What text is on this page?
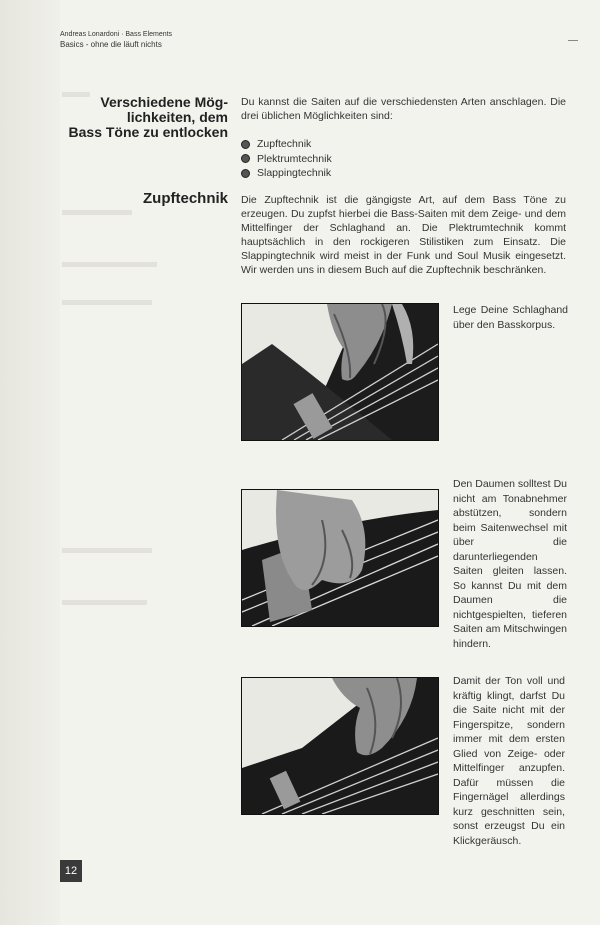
Andreas Lonardoni · Bass Elements
Basics - ohne die läuft nichts
Verschiedene Mög-
lichkeiten, dem
Bass Töne zu entlocken
Du kannst die Saiten auf die verschiedensten Arten anschlagen. Die drei üblichen Möglichkeiten sind:
Zupftechnik
Plektrumtechnik
Slappingtechnik
Zupftechnik Die Zupftechnik ist die gängigste Art, auf dem Bass Töne zu erzeugen. Du zupfst hierbei die Bass-Saiten mit dem Zeige- und dem Mittelfinger der Schlaghand an. Die Plektrumtechnik kommt hauptsächlich in den rockigeren Stilistiken zum Einsatz. Die Slappingtechnik wird meist in der Funk und Soul Musik eingesetzt. Wir werden uns in diesem Buch auf die Zupftechnik beschränken.
Lege Deine Schlaghand über den Basskorpus.
Den Daumen solltest Du nicht am Tonabnehmer abstützen, sondern beim Saitenwechsel mit über die darunterliegenden Saiten gleiten lassen. So kannst Du mit dem Daumen die nichtgespielten, tieferen Saiten am Mitschwingen hindern.
Damit der Ton voll und kräftig klingt, darfst Du die Saite nicht mit der Fingerspitze, sondern immer mit dem ersten Glied von Zeige- oder Mittelfinger anzupfen. Dafür müssen die Fingernägel allerdings kurz geschnitten sein, sonst erzeugst Du ein Klickgeräusch.
12
